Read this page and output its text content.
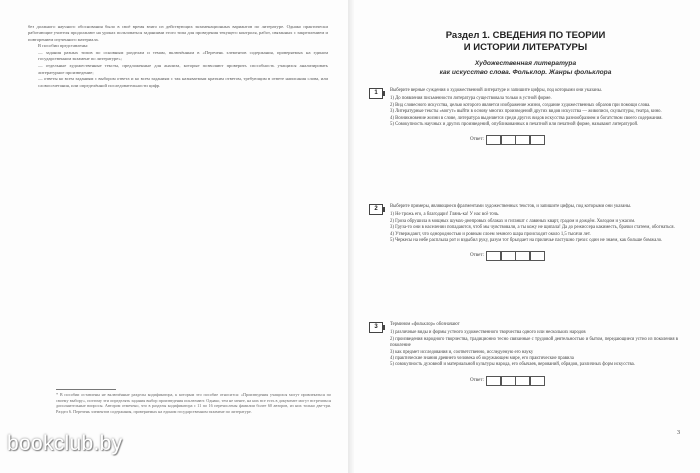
без должного научного обоснования было в своё время взято из действующих экзаменационных вариантов по литературе. Однако практически работающие учителя продолжают на уроках пользоваться заданиями этого типа для проведения текущего контроля, работ, связанных с закреплением и повторением изученного материала.

В пособии представлены:

— задания разных типов по основным разделам и темам, включённым в «Перечень элементов содержания, проверяемых на едином государственном экзамене по литературе»;

— отдельные художественные тексты, предложенные для анализа, которые позволяют проверить способность учащихся анализировать литературное произведение;

— ответы ко всем заданиям с выбором ответа и ко всем заданиям с так называемым кратким ответом, требующим в ответе написания слова, или словосочетания, или определённой последовательности цифр.

* В пособии оставлены не включённые разделы кодификатора, к которым это пособие относится: «Произведения учащихся могут привлекаться по своему выбору», поэтому эти определять задания выбор произведения исключают. Однако, тем не менее, на них все есть в документе могут встречаться дополнительные вопросы. Автором отмечено, что в разделы кодификатора с 11 по 16 перечислены фамилии более 60 авторов, из них только две-три. Раздел 6. Перечень элементов содержания, проверяемых на едином государственном экзамене по литературе.
Раздел 1. СВЕДЕНИЯ ПО ТЕОРИИ
И ИСТОРИИ ЛИТЕРАТУРЫ
Художественная литература
как искусство слова. Фольклор. Жанры фольклора
1	Выберите верные суждения о художественной литературе и запишите цифры, под которыми они указаны.

1) До появления письменности литература существовала только в устной форме.
2) Вид словесного искусства, целью которого является изображение жизни, создание художественных образов при помощи слова.
3) Литературные тексты «могут» выйти в основу многих произведений других видов искусства — живописи, скульптуры, театра, кино.
4) Возникновение жизни в слове, литература выделяется среди других видов искусства разнообразием и богатством своего содержания.
5) Совокупность научных и других произведений, опубликованных в печатной или печатной форме, называют литературой.
Ответ:
2	Выберите примеры, являющиеся фрагментами художественных текстов, и запишите цифры, под которыми они указаны.

1) Не трожь его, а благодари! Глянь-ка! У нас всё точь.
2) Гроза обрушила в мощных шумах-днепровых облаках и гиганшт с лавиных кварт, градом и дождём. Холодом и ужасом.
3) Груза-то они в населении попадаются, чтоб мы чувствовали, а ты кожу не щипала! Да до режиссера какиместь, брачки статеем, обогнаться.
4) Утверждают, что однородностью и ровным слоем земного шара происходит около 1,5 тысячи лет.
5) Черкесы на небе расплыла рот и вздыбил руку, разум тот брыздает на приличье пастушно грехи: один не знаем, как больше бомжало.
Ответ:
3	Термином «фольклор» обозначают

1) различные виды и формы устного художественного творчества одного или нескольких народов
2) произведения народного творчества, традиционно тесно связанные с трудовой деятельностью и бытом, передающиеся устно из поколения в поколение
3) как предмет исследования и, соответственно, исследуемую его науку
4) практические знания древнего человека об окружающем мире, его практические правила
5) совокупность духовной и материальной культуры народа, его обычаев, верований, обрядов, различных форм искусства.
Ответ:
3
bookclub.by
